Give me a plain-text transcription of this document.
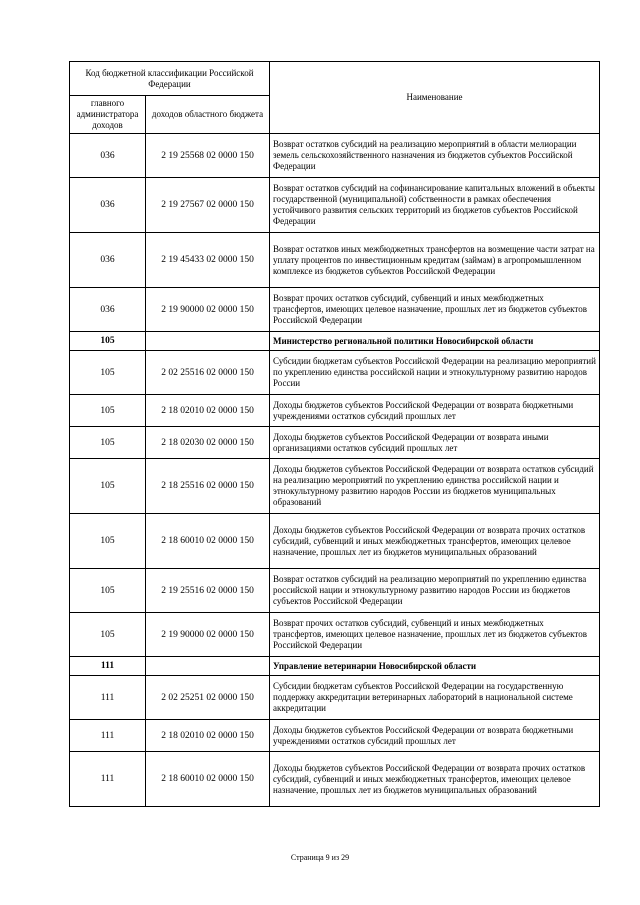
Код бюджетной классификации Российской Федерации		Наименование
главного администратора доходов	доходов областного бюджета	
036	2 19 25568 02 0000 150	Возврат остатков субсидий на реализацию мероприятий в области мелиорации земель сельскохозяйственного назначения из бюджетов субъектов Российской Федерации
036	2 19 27567 02 0000 150	Возврат остатков субсидий на софинансирование капитальных вложений в объекты государственной (муниципальной) собственности в рамках обеспечения устойчивого развития сельских территорий из бюджетов субъектов Российской Федерации
036	2 19 45433 02 0000 150	Возврат остатков иных межбюджетных трансфертов на возмещение части затрат на уплату процентов по инвестиционным кредитам (займам) в агропромышленном комплексе из бюджетов субъектов Российской Федерации
036	2 19 90000 02 0000 150	Возврат прочих остатков субсидий, субвенций и иных межбюджетных трансфертов, имеющих целевое назначение, прошлых лет из бюджетов субъектов Российской Федерации
105		Министерство региональной политики Новосибирской области
105	2 02 25516 02 0000 150	Субсидии бюджетам субъектов Российской Федерации на реализацию мероприятий по укреплению единства российской нации и этнокультурному развитию народов России
105	2 18 02010 02 0000 150	Доходы бюджетов субъектов Российской Федерации от возврата бюджетными учреждениями остатков субсидий прошлых лет
105	2 18 02030 02 0000 150	Доходы бюджетов субъектов Российской Федерации от возврата иными организациями остатков субсидий прошлых лет
105	2 18 25516 02 0000 150	Доходы бюджетов субъектов Российской Федерации от возврата остатков субсидий на реализацию мероприятий по укреплению единства российской нации и этнокультурному развитию народов России из бюджетов муниципальных образований
105	2 18 60010 02 0000 150	Доходы бюджетов субъектов Российской Федерации от возврата прочих остатков субсидий, субвенций и иных межбюджетных трансфертов, имеющих целевое назначение, прошлых лет из бюджетов муниципальных образований
105	2 19 25516 02 0000 150	Возврат остатков субсидий на реализацию мероприятий по укреплению единства российской нации и этнокультурному развитию народов России из бюджетов субъектов Российской Федерации
105	2 19 90000 02 0000 150	Возврат прочих остатков субсидий, субвенций и иных межбюджетных трансфертов, имеющих целевое назначение, прошлых лет из бюджетов субъектов Российской Федерации
111		Управление ветеринарии Новосибирской области
111	2 02 25251 02 0000 150	Субсидии бюджетам субъектов Российской Федерации на государственную поддержку аккредитации ветеринарных лабораторий в национальной системе аккредитации
111	2 18 02010 02 0000 150	Доходы бюджетов субъектов Российской Федерации от возврата бюджетными учреждениями остатков субсидий прошлых лет
111	2 18 60010 02 0000 150	Доходы бюджетов субъектов Российской Федерации от возврата прочих остатков субсидий, субвенций и иных межбюджетных трансфертов, имеющих целевое назначение, прошлых лет из бюджетов муниципальных образований
Страница 9 из 29
